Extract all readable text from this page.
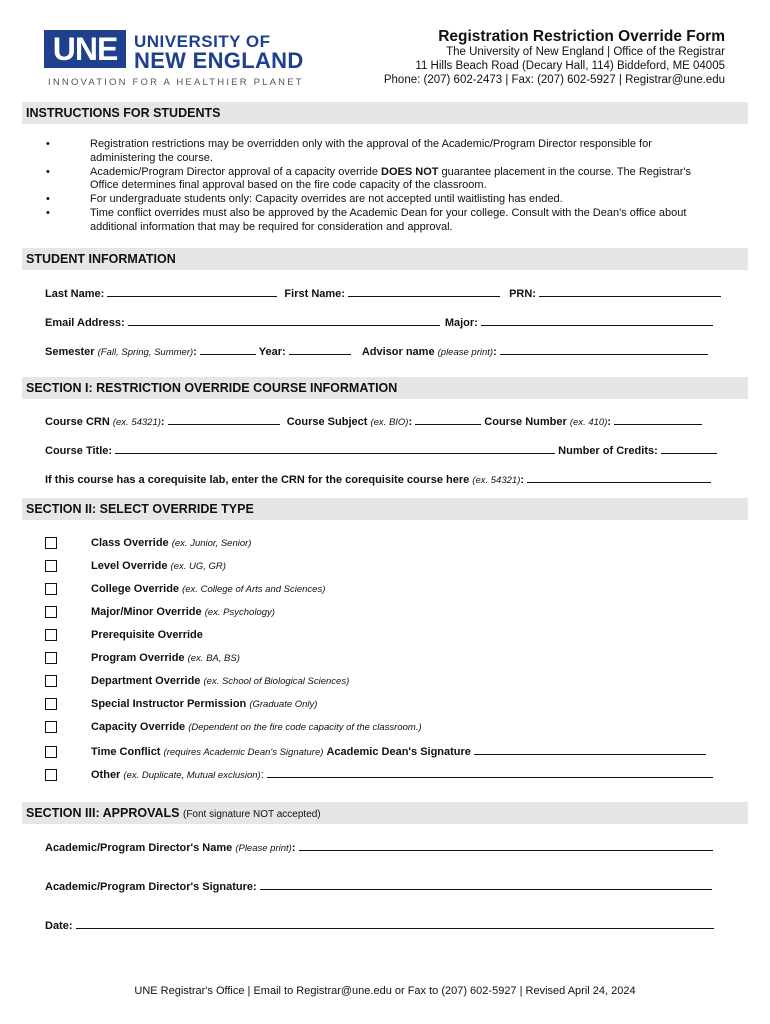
UNE UNIVERSITY OF
NEW ENGLAND
INNOVATION FOR A HEALTHIER PLANET
Registration Restriction Override Form
The University of New England | Office of the Registrar
11 Hills Beach Road (Decary Hall, 114) Biddeford, ME 04005
Phone: (207) 602-2473 | Fax: (207) 602-5927 | Registrar@une.edu
INSTRUCTIONS FOR STUDENTS
• Registration restrictions may be overridden only with the approval of the Academic/Program Director responsible for administering the course.
• Academic/Program Director approval of a capacity override DOES NOT guarantee placement in the course. The Registrar's Office determines final approval based on the fire code capacity of the classroom.
• For undergraduate students only: Capacity overrides are not accepted until waitlisting has ended.
• Time conflict overrides must also be approved by the Academic Dean for your college. Consult with the Dean's office about additional information that may be required for consideration and approval.
STUDENT INFORMATION
Last Name:	First Name:	PRN:
Email Address:	Major:
Semester (Fall, Spring, Summer):	Year:	Advisor name (please print):
SECTION I: RESTRICTION OVERRIDE COURSE INFORMATION
Course CRN (ex. 54321):	Course Subject (ex. BIO):	Course Number (ex. 410):
Course Title:	Number of Credits:
If this course has a corequisite lab, enter the CRN for the corequisite course here (ex. 54321):
SECTION II: SELECT OVERRIDE TYPE
Class Override (ex. Junior, Senior)
Level Override (ex. UG, GR)
College Override (ex. College of Arts and Sciences)
Major/Minor Override (ex. Psychology)
Prerequisite Override
Program Override (ex. BA, BS)
Department Override (ex. School of Biological Sciences)
Special Instructor Permission (Graduate Only)
Capacity Override (Dependent on the fire code capacity of the classroom.)
Time Conflict (requires Academic Dean's Signature) Academic Dean's Signature
Other (ex. Duplicate, Mutual exclusion):
SECTION III: APPROVALS (Font signature NOT accepted)
Academic/Program Director's Name (Please print):
Academic/Program Director's Signature:
Date:
UNE Registrar's Office | Email to Registrar@une.edu or Fax to (207) 602-5927 | Revised April 24, 2024
